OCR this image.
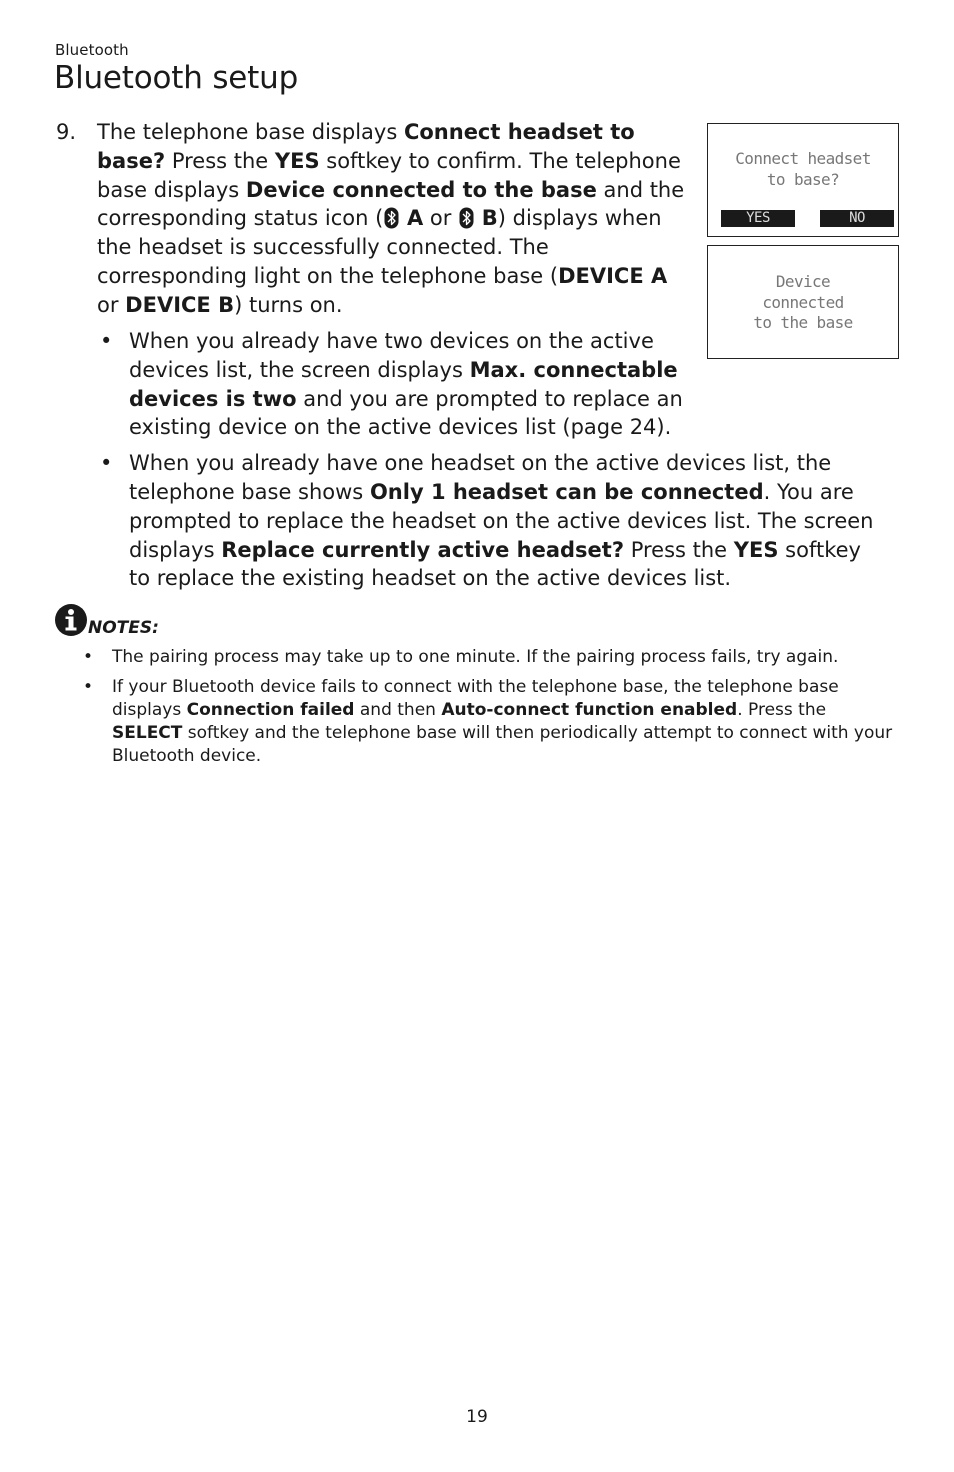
Bluetooth
Bluetooth setup
9. The telephone base displays Connect headset to base? Press the YES softkey to confirm. The telephone base displays Device connected to the base and the corresponding status icon ( A or  B) displays when the headset is successfully connected. The corresponding light on the telephone base (DEVICE A or DEVICE B) turns on.

• When you already have two devices on the active devices list, the screen displays Max. connectable devices is two and you are prompted to replace an existing device on the active devices list (page 24).
• When you already have one headset on the active devices list, the telephone base shows Only 1 headset can be connected. You are prompted to replace the headset on the active devices list. The screen displays Replace currently active headset? Press the YES softkey to replace the existing headset on the active devices list.
Connect headset
to base?
YES	NO
Device
connected
to the base
NOTES:
• The pairing process may take up to one minute. If the pairing process fails, try again.
• If your Bluetooth device fails to connect with the telephone base, the telephone base displays Connection failed and then Auto-connect function enabled. Press the SELECT softkey and the telephone base will then periodically attempt to connect with your Bluetooth device.
19
